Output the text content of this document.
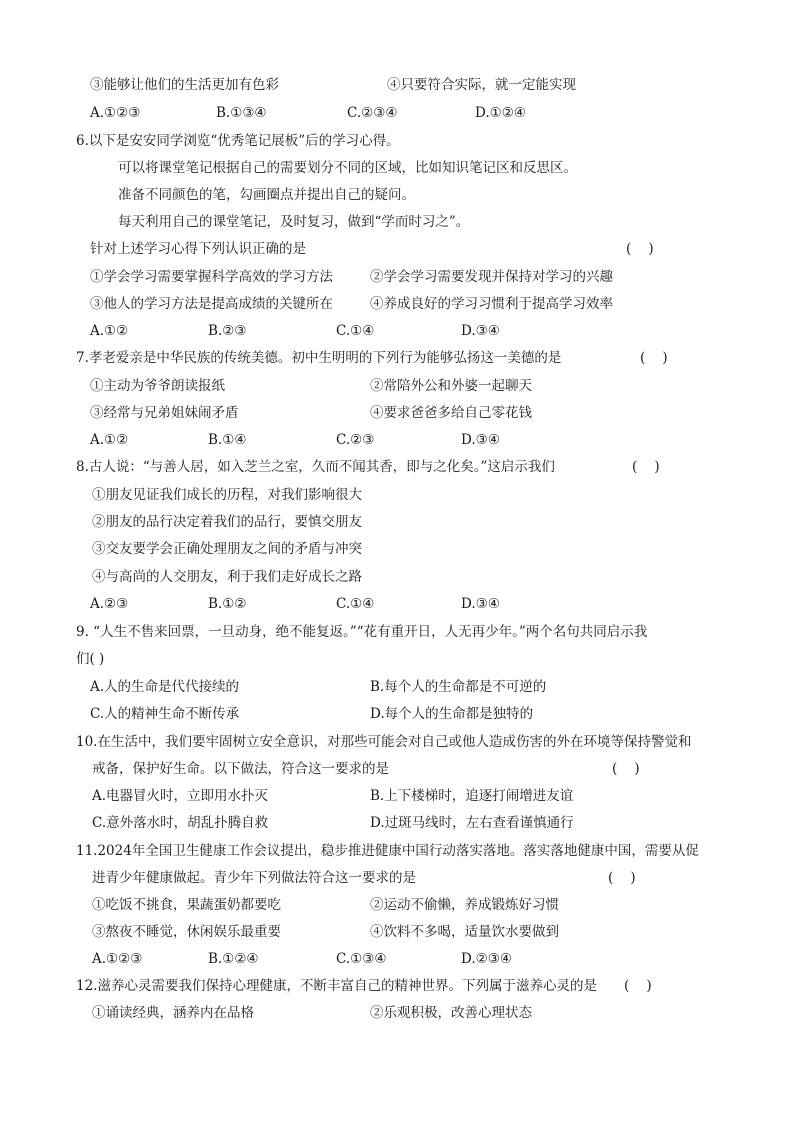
③能够让他们的生活更加有色彩	④只要符合实际，就一定能实现
A.①②③	B.①③④	C.②③④	D.①②④
6.以下是安安同学浏览“优秀笔记展板”后的学习心得。
可以将课堂笔记根据自己的需要划分不同的区域，比如知识笔记区和反思区。
准备不同颜色的笔，勾画圈点并提出自己的疑问。
每天利用自己的课堂笔记，及时复习，做到“学而时习之”。
针对上述学习心得下列认识正确的是
①学会学习需要掌握科学高效的学习方法	②学会学习需要发现并保持对学习的兴趣
③他人的学习方法是提高成绩的关键所在	④养成良好的学习习惯利于提高学习效率
A.①②	B.②③	C.①④	D.③④
7.孝老爱亲是中华民族的传统美德。初中生明明的下列行为能够弘扬这一美德的是
①主动为爷爷朗读报纸	②常陪外公和外婆一起聊天
③经常与兄弟姐妹闹矛盾	④要求爸爸多给自己零花钱
A.①②	B.①④	C.②③	D.③④
8.古人说：“与善人居，如入芝兰之室，久而不闻其香，即与之化矣。”这启示我们
①朋友见证我们成长的历程，对我们影响很大
②朋友的品行决定着我们的品行，要慎交朋友
③交友要学会正确处理朋友之间的矛盾与冲突
④与高尚的人交朋友，利于我们走好成长之路
A.②③	B.①②	C.①④	D.③④
9. “人生不售来回票，一旦动身，绝不能复返。”“花有重开日，人无再少年。”两个名句共同启示我
们( )
A.人的生命是代代接续的	B.每个人的生命都是不可逆的
C.人的精神生命不断传承	D.每个人的生命都是独特的
10.在生活中，我们要牢固树立安全意识，对那些可能会对自己或他人造成伤害的外在环境等保持警觉和
戒备，保护好生命。以下做法，符合这一要求的是
A.电器冒火时，立即用水扑灭	B.上下楼梯时，追逐打闹增进友谊
C.意外落水时，胡乱扑腾自救	D.过斑马线时，左右查看谨慎通行
11.2024年全国卫生健康工作会议提出，稳步推进健康中国行动落实落地。落实落地健康中国，需要从促
进青少年健康做起。青少年下列做法符合这一要求的是
①吃饭不挑食，果蔬蛋奶都要吃	②运动不偷懒，养成锻炼好习惯
③熬夜不睡觉，休闲娱乐最重要	④饮料不多喝，适量饮水要做到
A.①②③	B.①②④	C.①③④	D.②③④
12.滋养心灵需要我们保持心理健康，不断丰富自己的精神世界。下列属于滋养心灵的是
①诵读经典，涵养内在品格	②乐观积极，改善心理状态
(    )
(    )
(    )
(    )
(    )
(    )
